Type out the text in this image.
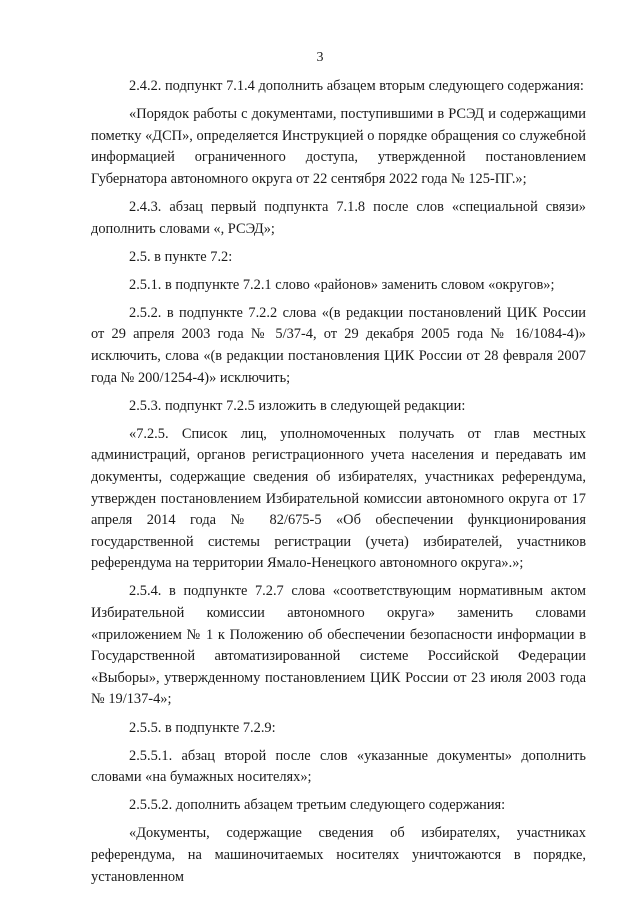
3

2.4.2. подпункт 7.1.4 дополнить абзацем вторым следующего содержания:

«Порядок работы с документами, поступившими в РСЭД и содержащими пометку «ДСП», определяется Инструкцией о порядке обращения со служебной информацией ограниченного доступа, утвержденной постановлением Губернатора автономного округа от 22 сентября 2022 года № 125-ПГ.»;

2.4.3. абзац первый подпункта 7.1.8 после слов «специальной связи» дополнить словами «, РСЭД»;

2.5. в пункте 7.2:

2.5.1. в подпункте 7.2.1 слово «районов» заменить словом «округов»;

2.5.2. в подпункте 7.2.2 слова «(в редакции постановлений ЦИК России от 29 апреля 2003 года № 5/37-4, от 29 декабря 2005 года № 16/1084-4)» исключить, слова «(в редакции постановления ЦИК России от 28 февраля 2007 года № 200/1254-4)» исключить;

2.5.3. подпункт 7.2.5 изложить в следующей редакции:

«7.2.5. Список лиц, уполномоченных получать от глав местных администраций, органов регистрационного учета населения и передавать им документы, содержащие сведения об избирателях, участниках референдума, утвержден постановлением Избирательной комиссии автономного округа от 17 апреля 2014 года № 82/675-5 «Об обеспечении функционирования государственной системы регистрации (учета) избирателей, участников референдума на территории Ямало-Ненецкого автономного округа».»;

2.5.4. в подпункте 7.2.7 слова «соответствующим нормативным актом Избирательной комиссии автономного округа» заменить словами «приложением № 1 к Положению об обеспечении безопасности информации в Государственной автоматизированной системе Российской Федерации «Выборы», утвержденному постановлением ЦИК России от 23 июля 2003 года № 19/137-4»;

2.5.5. в подпункте 7.2.9:

2.5.5.1. абзац второй после слов «указанные документы» дополнить словами «на бумажных носителях»;

2.5.5.2. дополнить абзацем третьим следующего содержания:

«Документы, содержащие сведения об избирателях, участниках референдума, на машиночитаемых носителях уничтожаются в порядке, установленном
